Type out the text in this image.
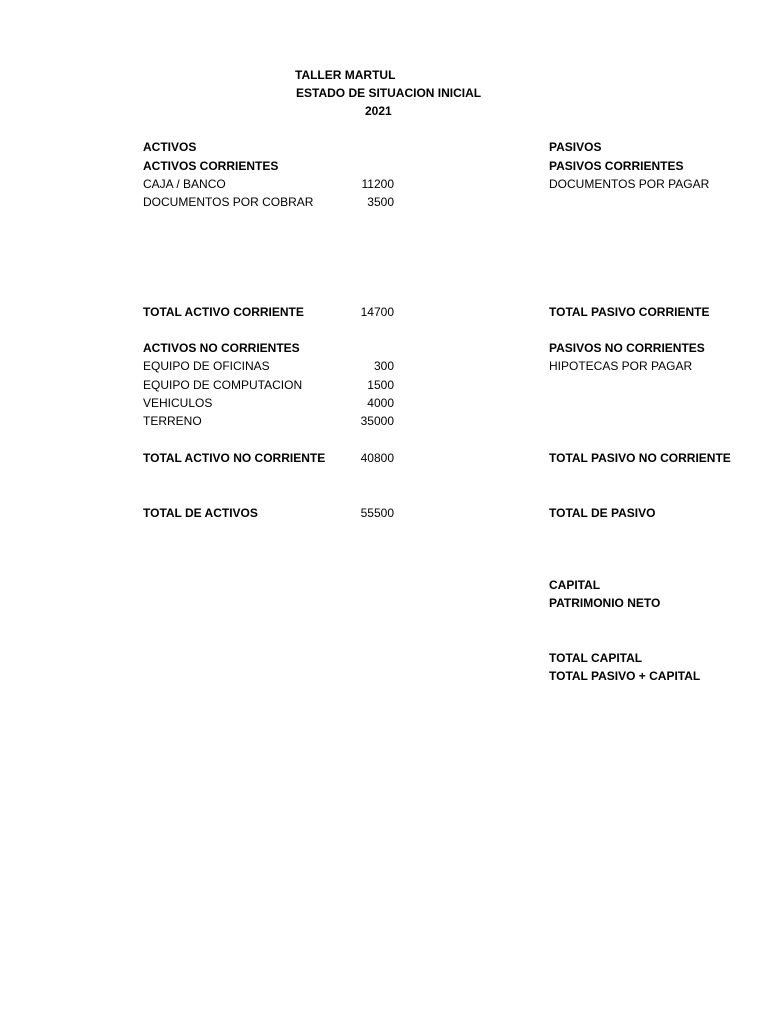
TALLER MARTUL
ESTADO DE SITUACION INICIAL
2021
ACTIVOS
ACTIVOS CORRIENTES
CAJA / BANCO	11200
DOCUMENTOS POR COBRAR	3500
TOTAL ACTIVO CORRIENTE	14700
ACTIVOS NO CORRIENTES
EQUIPO DE OFICINAS	300
EQUIPO DE COMPUTACION	1500
VEHICULOS	4000
TERRENO	35000
TOTAL ACTIVO NO CORRIENTE	40800
TOTAL DE ACTIVOS	55500
PASIVOS
PASIVOS CORRIENTES
DOCUMENTOS POR PAGAR
TOTAL PASIVO CORRIENTE
PASIVOS NO CORRIENTES
HIPOTECAS POR PAGAR
TOTAL PASIVO NO CORRIENTE
TOTAL DE PASIVO
CAPITAL
PATRIMONIO NETO
TOTAL CAPITAL
TOTAL PASIVO + CAPITAL
